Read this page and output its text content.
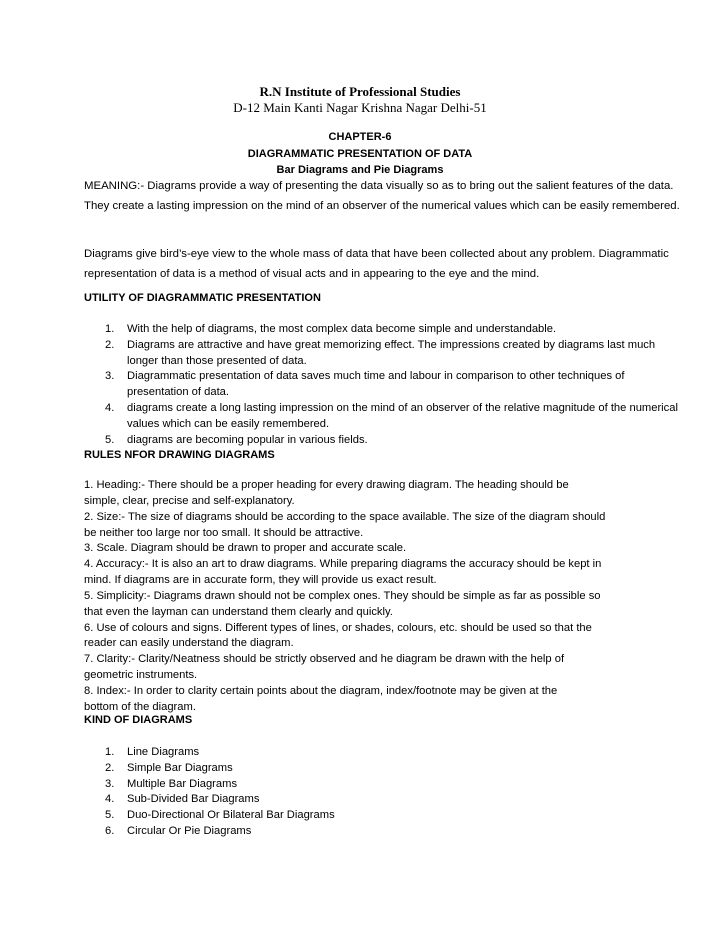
R.N Institute of Professional Studies
D-12 Main Kanti Nagar Krishna Nagar Delhi-51
CHAPTER-6
DIAGRAMMATIC PRESENTATION OF DATA
Bar Diagrams and Pie Diagrams
MEANING:- Diagrams provide a way of presenting the data visually so as to bring out the salient features of the data. They create a lasting impression on the mind of an observer of the numerical values which can be easily remembered.
Diagrams give bird’s-eye view to the whole mass of data that have been collected about any problem. Diagrammatic representation of data is a method of visual acts and in appearing to the eye and the mind.
UTILITY OF DIAGRAMMATIC PRESENTATION
1. With the help of diagrams, the most complex data become simple and understandable.
2. Diagrams are attractive and have great memorizing effect. The impressions created by diagrams last much longer than those presented of data.
3. Diagrammatic presentation of data saves much time and labour in comparison to other techniques of presentation of data.
4. diagrams create a long lasting impression on the mind of an observer of the relative magnitude of the numerical values which can be easily remembered.
5. diagrams are becoming popular in various fields.
RULES NFOR DRAWING DIAGRAMS
1. Heading:- There should be a proper heading for every drawing diagram. The heading should be
simple, clear, precise and self-explanatory.
2. Size:- The size of diagrams should be according to the space available. The size of the diagram should
be neither too large nor too small. It should be attractive.
3. Scale. Diagram should be drawn to proper and accurate scale.
4. Accuracy:- It is also an art to draw diagrams. While preparing diagrams the accuracy should be kept in
mind. If diagrams are in accurate form, they will provide us exact result.
5. Simplicity:- Diagrams drawn should not be complex ones. They should be simple as far as possible so
that even the layman can understand them clearly and quickly.
6. Use of colours and signs. Different types of lines, or shades, colours, etc. should be used so that the
reader can easily understand the diagram.
7. Clarity:- Clarity/Neatness should be strictly observed and he diagram be drawn with the help of
geometric instruments.
8. Index:- In order to clarity certain points about the diagram, index/footnote may be given at the
bottom of the diagram.
KIND OF DIAGRAMS
1. Line Diagrams
2. Simple Bar Diagrams
3. Multiple Bar Diagrams
4. Sub-Divided Bar Diagrams
5. Duo-Directional Or Bilateral Bar Diagrams
6. Circular Or Pie Diagrams
